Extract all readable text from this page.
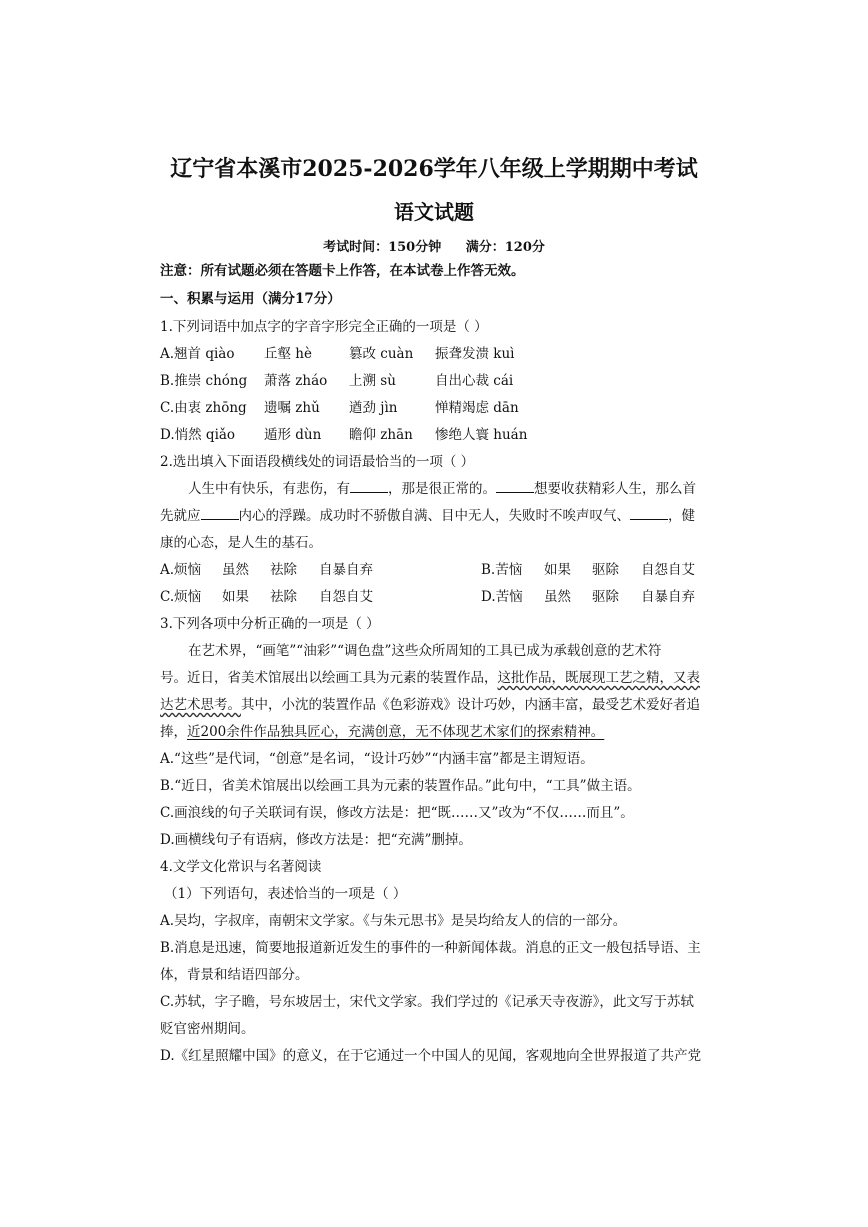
辽宁省本溪市2025-2026学年八年级上学期期中考试
语文试题
考试时间：150分钟 满分：120分
注意：所有试题必须在答题卡上作答，在本试卷上作答无效。
一、积累与运用（满分17分）
1.下列词语中加点字的字音字形完全正确的一项是（ ）
A.翘首 qiào 丘壑 hè	篡改 cuàn 振聋发溃 kuì
B.推崇 chóng 萧落 zháo 上溯 sù	自出心裁 cái
C.由衷 zhōng 遗嘱 zhǔ 遒劲 jìn	惮精竭虑 dān
D.悄然 qiǎo 遁形 dùn 瞻仰 zhān 惨绝人寰 huán
2.选出填入下面语段横线处的词语最恰当的一项（ ）
人生中有快乐，有悲伤，有	，那是很正常的。	想要收获精彩人生，那么首
先就应	内心的浮躁。成功时不骄傲自满、目中无人，失败时不唉声叹气、	，健
康的心态，是人生的基石。
A.烦恼 虽然 祛除 自暴自弃	B.苦恼 如果 驱除 自怨自艾
C.烦恼 如果 祛除 自怨自艾	D.苦恼 虽然 驱除 自暴自弃
3.下列各项中分析正确的一项是（ ）
在艺术界，“画笔”“油彩”“调色盘”这些众所周知的工具已成为承载创意的艺术符
号。近日，省美术馆展出以绘画工具为元素的装置作品，这批作品，既展现工艺之精，又表
达艺术思考。其中，小沈的装置作品《色彩游戏》设计巧妙，内涵丰富，最受艺术爱好者追
捧，近200余件作品独具匠心，充满创意，无不体现艺术家们的探索精神。
A.“这些”是代词，“创意”是名词，“设计巧妙”“内涵丰富”都是主谓短语。
B.“近日，省美术馆展出以绘画工具为元素的装置作品。”此句中，“工具”做主语。
C.画浪线的句子关联词有误，修改方法是：把“既……又”改为“不仅……而且”。
D.画横线句子有语病，修改方法是：把“充满”删掉。
4.文学文化常识与名著阅读
（1）下列语句，表述恰当的一项是（ ）
A.吴均，字叔庠，南朝宋文学家。《与朱元思书》是吴均给友人的信的一部分。
B.消息是迅速，简要地报道新近发生的事件的一种新闻体裁。消息的正文一般包括导语、主
体，背景和结语四部分。
C.苏轼，字子瞻，号东坡居士，宋代文学家。我们学过的《记承天寺夜游》，此文写于苏轼
贬官密州期间。
D.《红星照耀中国》的意义，在于它通过一个中国人的见闻，客观地向全世界报道了共产党
